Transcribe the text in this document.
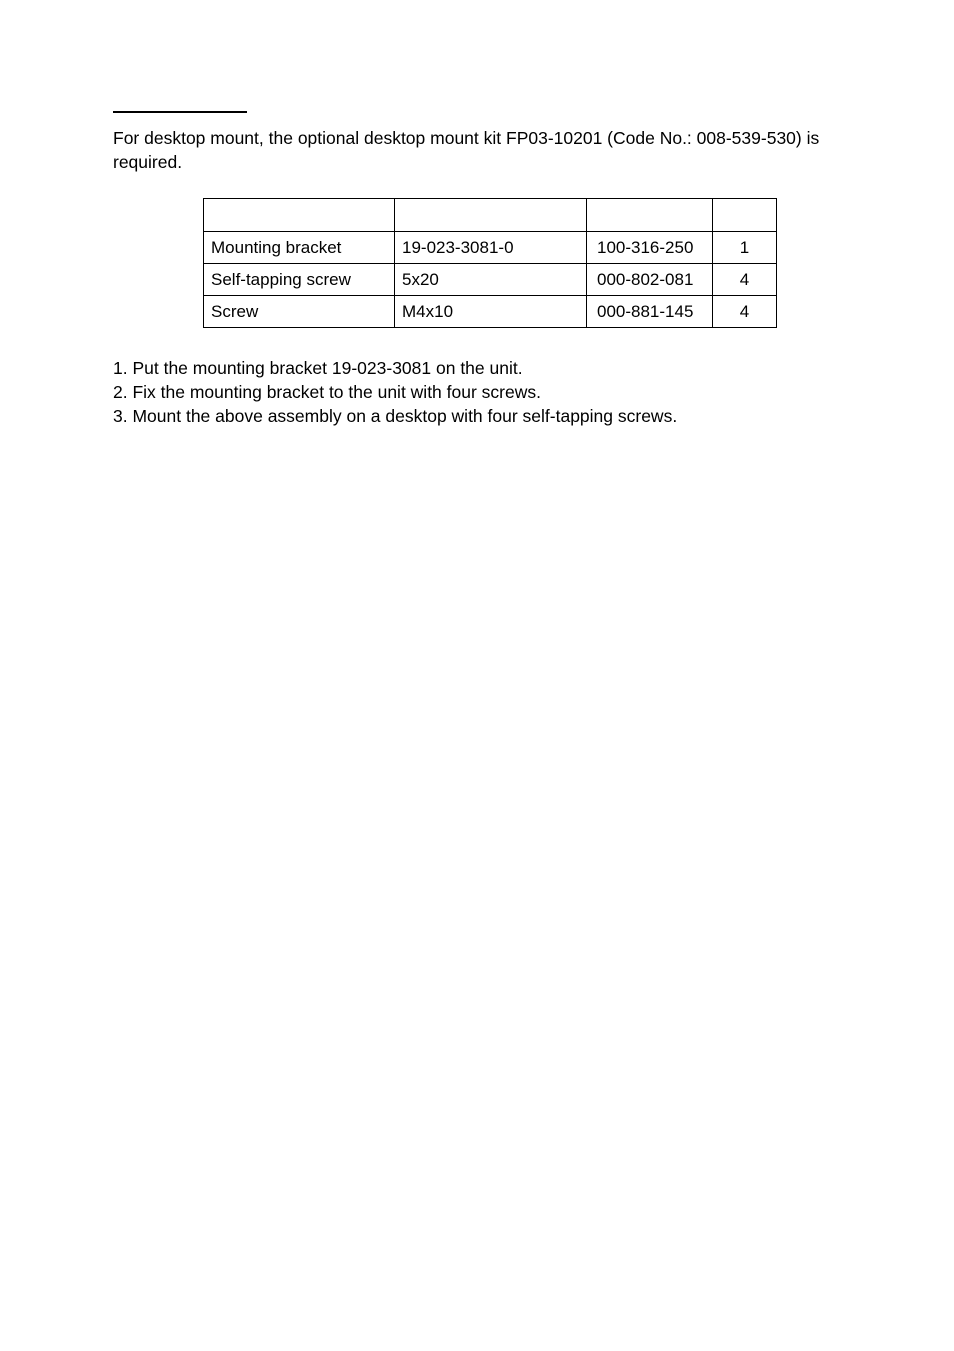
For desktop mount, the optional desktop mount kit FP03-10201 (Code No.: 008-539-530) is required.

Mounting bracket	19-023-3081-0	100-316-250	1
Self-tapping screw	5x20	000-802-081	4
Screw	M4x10	000-881-145	4
1. Put the mounting bracket 19-023-3081 on the unit.
2. Fix the mounting bracket to the unit with four screws.
3. Mount the above assembly on a desktop with four self-tapping screws.
